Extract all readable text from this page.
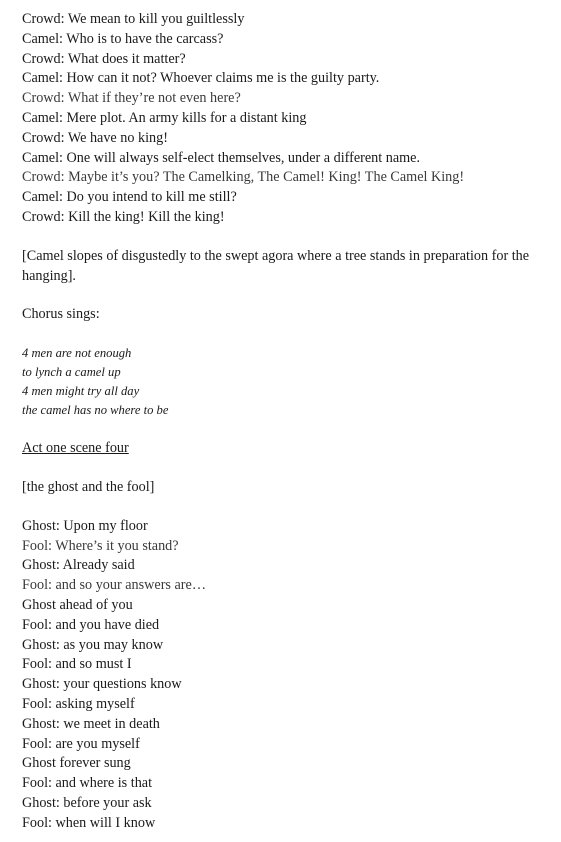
Crowd: We mean to kill you guiltlessly
Camel: Who is to have the carcass?
Crowd: What does it matter?
Camel: How can it not? Whoever claims me is the guilty party.
Crowd: What if they’re not even here?
Camel: Mere plot. An army kills for a distant king
Crowd: We have no king!
Camel: One will always self-elect themselves, under a different name.
Crowd: Maybe it’s you? The Camelking, The Camel! King! The Camel King!
Camel: Do you intend to kill me still?
Crowd: Kill the king! Kill the king!
[Camel slopes of disgustedly to the swept agora where a tree stands in preparation for the hanging].
Chorus sings:
4 men are not enough
to lynch a camel up
4 men might try all day
the camel has no where to be
Act one scene four
[the ghost and the fool]
Ghost: Upon my floor
Fool: Where’s it you stand?
Ghost: Already said
Fool: and so your answers are…
Ghost ahead of you
Fool: and you have died
Ghost: as you may know
Fool: and so must I
Ghost: your questions know
Fool: asking myself
Ghost: we meet in death
Fool: are you myself
Ghost forever sung
Fool: and where is that
Ghost: before your ask
Fool: when will I know
